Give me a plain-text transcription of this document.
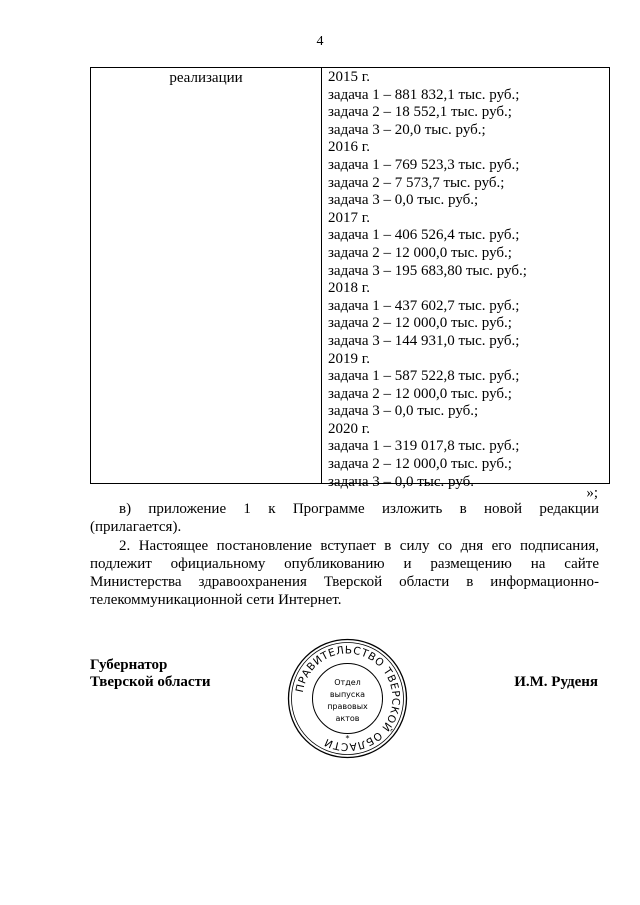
4
реализации	2015 г.
задача 1 – 881 832,1 тыс. руб.;
задача 2 – 18 552,1 тыс. руб.;
задача 3 – 20,0 тыс. руб.;
2016 г.
задача 1 – 769 523,3 тыс. руб.;
задача 2 – 7 573,7 тыс. руб.;
задача 3 – 0,0 тыс. руб.;
2017 г.
задача 1 – 406 526,4 тыс. руб.;
задача 2 – 12 000,0 тыс. руб.;
задача 3 – 195 683,80 тыс. руб.;
2018 г.
задача 1 – 437 602,7 тыс. руб.;
задача 2 – 12 000,0 тыс. руб.;
задача 3 – 144 931,0 тыс. руб.;
2019 г.
задача 1 – 587 522,8 тыс. руб.;
задача 2 – 12 000,0 тыс. руб.;
задача 3 – 0,0 тыс. руб.;
2020 г.
задача 1 – 319 017,8 тыс. руб.;
задача 2 – 12 000,0 тыс. руб.;
задача 3 – 0,0 тыс. руб.
»;
в) приложение 1 к Программе изложить в новой редакции
(прилагается).
2. Настоящее постановление вступает в силу со дня его подписания,
подлежит официальному опубликованию и размещению на сайте
Министерства здравоохранения Тверской области в информационно-
телекоммуникационной сети Интернет.
Губернатор
Тверской области	И.М. Руденя
ПРАВИТЕЛЬСТВО ТВЕРСКОЙ ОБЛАСТИ	*
Отдел
выпуска
правовых
актов
